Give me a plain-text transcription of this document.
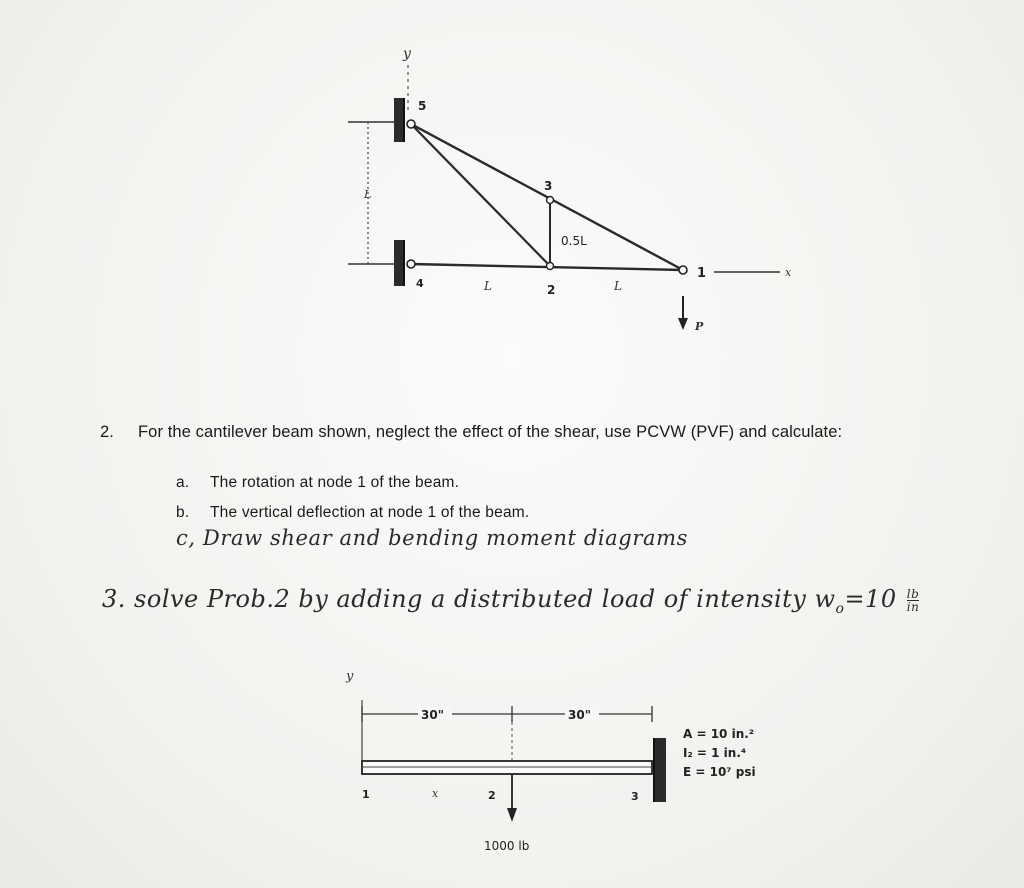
y
L
5
4
3
2
1
L	L
0.5L
x
P
2. For the cantilever beam shown, neglect the effect of the shear, use PCVW (PVF) and calculate:
a. The rotation at node 1 of the beam.
b. The vertical deflection at node 1 of the beam.
c, Draw shear and bending moment diagrams
3. solve Prob.2 by adding a distributed load of intensity $w_o=10 \frac{lb}{in}$
y
30"	30"
1000 lb
1	x	2	3
A = 10 in.²
I₂ = 1 in.⁴
E = 10⁷ psi
